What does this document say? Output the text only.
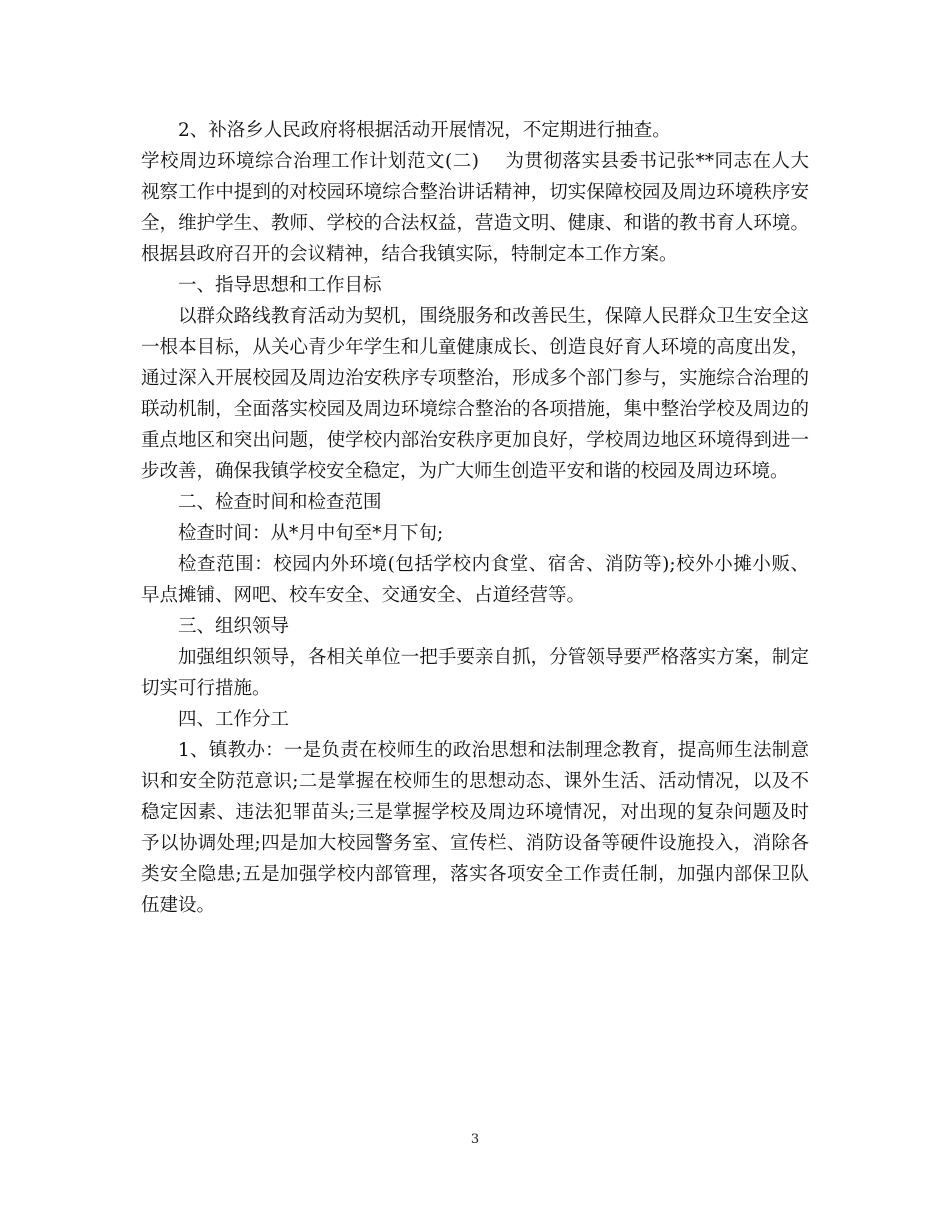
2、补洛乡人民政府将根据活动开展情况，不定期进行抽查。

学校周边环境综合治理工作计划范文(二) 为贯彻落实县委书记张**同志在人大视察工作中提到的对校园环境综合整治讲话精神，切实保障校园及周边环境秩序安全，维护学生、教师、学校的合法权益，营造文明、健康、和谐的教书育人环境。根据县政府召开的会议精神，结合我镇实际，特制定本工作方案。

一、指导思想和工作目标

以群众路线教育活动为契机，围绕服务和改善民生，保障人民群众卫生安全这一根本目标，从关心青少年学生和儿童健康成长、创造良好育人环境的高度出发，通过深入开展校园及周边治安秩序专项整治，形成多个部门参与，实施综合治理的联动机制，全面落实校园及周边环境综合整治的各项措施，集中整治学校及周边的重点地区和突出问题，使学校内部治安秩序更加良好，学校周边地区环境得到进一步改善，确保我镇学校安全稳定，为广大师生创造平安和谐的校园及周边环境。

二、检查时间和检查范围

检查时间：从*月中旬至*月下旬;

检查范围：校园内外环境(包括学校内食堂、宿舍、消防等);校外小摊小贩、早点摊铺、网吧、校车安全、交通安全、占道经营等。

三、组织领导

加强组织领导，各相关单位一把手要亲自抓，分管领导要严格落实方案，制定切实可行措施。

四、工作分工

1、镇教办：一是负责在校师生的政治思想和法制理念教育，提高师生法制意识和安全防范意识;二是掌握在校师生的思想动态、课外生活、活动情况，以及不稳定因素、违法犯罪苗头;三是掌握学校及周边环境情况，对出现的复杂问题及时予以协调处理;四是加大校园警务室、宣传栏、消防设备等硬件设施投入，消除各类安全隐患;五是加强学校内部管理，落实各项安全工作责任制，加强内部保卫队伍建设。

3
